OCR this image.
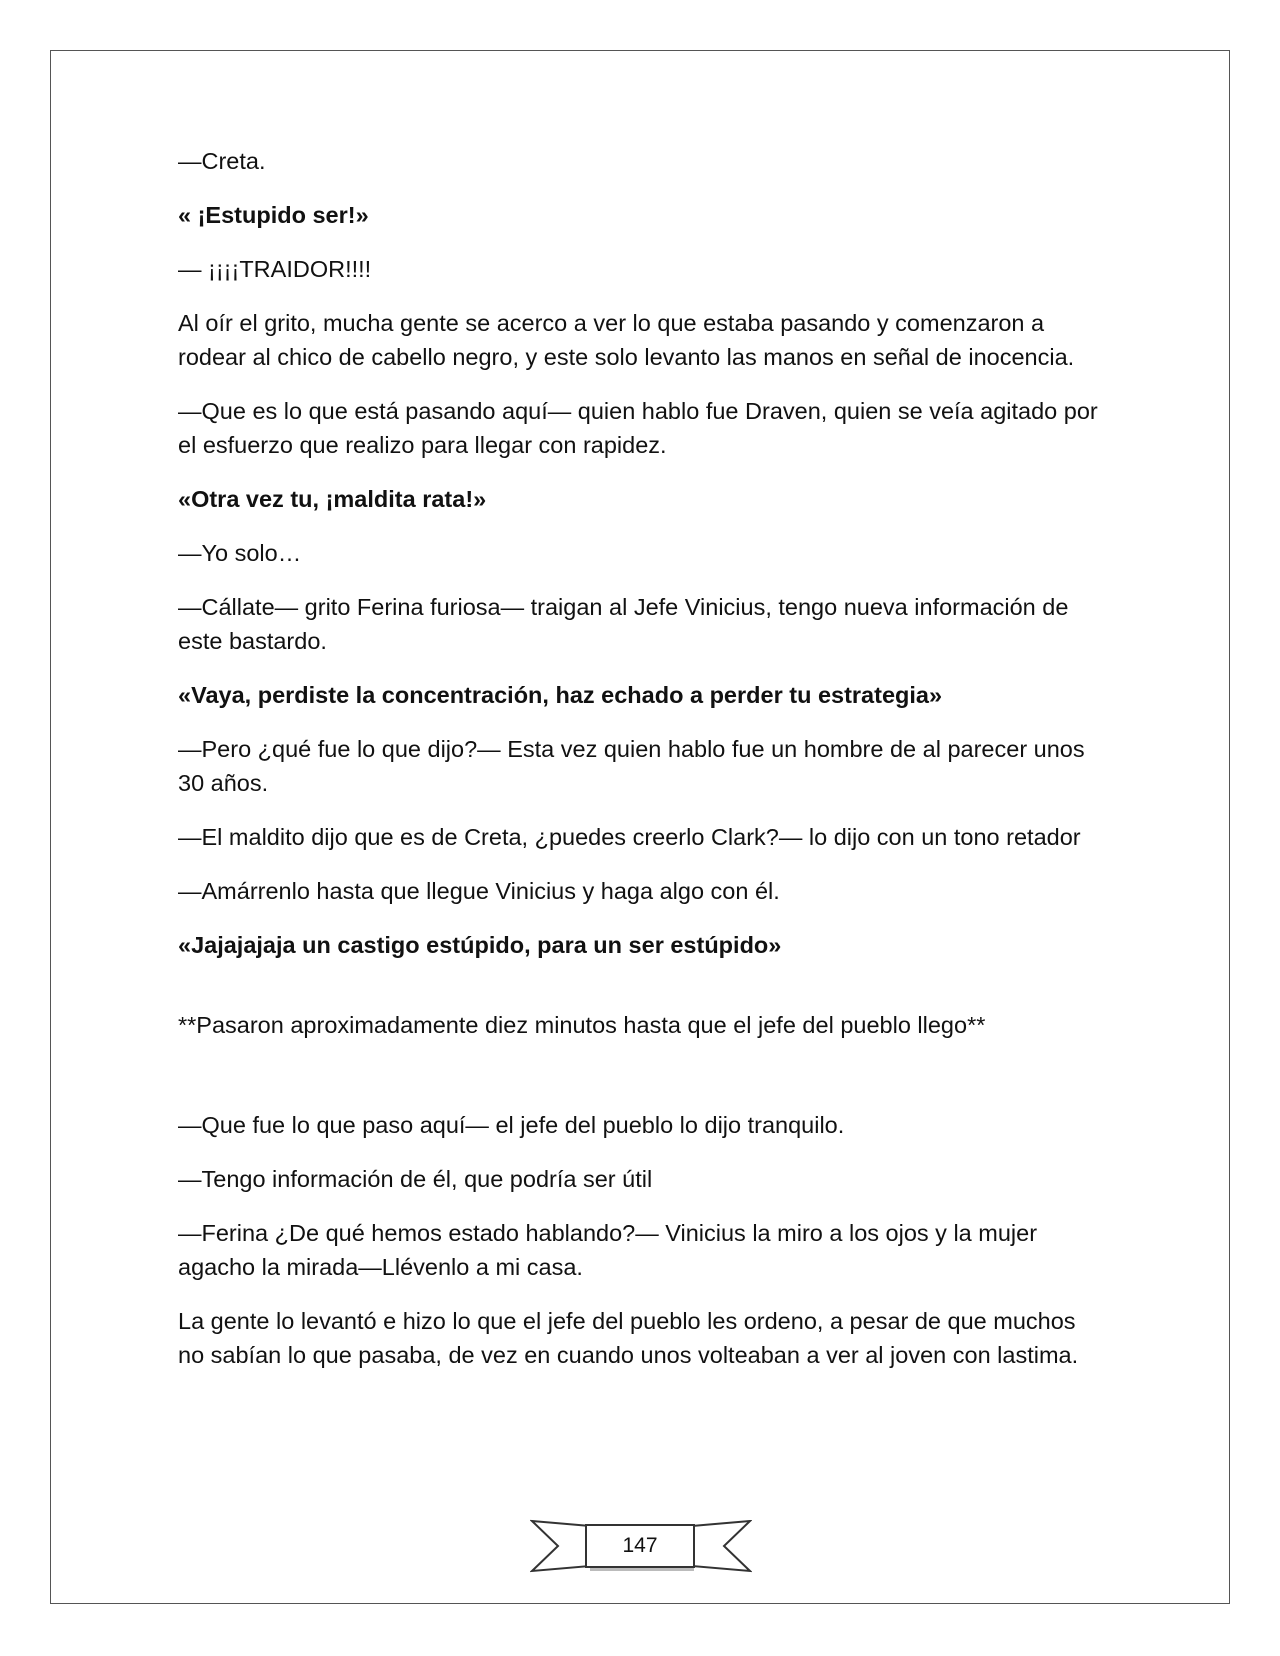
—Creta.

« ¡Estupido ser!»

— ¡¡¡¡TRAIDOR!!!!

Al oír el grito, mucha gente se acerco a ver lo que estaba pasando y comenzaron a rodear al chico de cabello negro, y este solo levanto las manos en señal de inocencia.

—Que es lo que está pasando aquí— quien hablo fue Draven, quien se veía agitado por el esfuerzo que realizo para llegar con rapidez.

«Otra vez tu, ¡maldita rata!»

—Yo solo…

—Cállate— grito Ferina furiosa— traigan al Jefe Vinicius, tengo nueva información de este bastardo.

«Vaya, perdiste la concentración, haz echado a perder tu estrategia»

—Pero ¿qué fue lo que dijo?— Esta vez quien hablo fue un hombre de al parecer unos 30 años.

—El maldito dijo que es de Creta, ¿puedes creerlo Clark?— lo dijo con un tono retador

—Amárrenlo hasta que llegue Vinicius y haga algo con él.

«Jajajajaja un castigo estúpido, para un ser estúpido»

**Pasaron aproximadamente diez minutos hasta que el jefe del pueblo llego**

—Que fue lo que paso aquí— el jefe del pueblo lo dijo tranquilo.

—Tengo información de él, que podría ser útil

—Ferina ¿De qué hemos estado hablando?— Vinicius la miro a los ojos y la mujer agacho la mirada—Llévenlo a mi casa.

La gente lo levantó e hizo lo que el jefe del pueblo les ordeno, a pesar de que muchos no sabían lo que pasaba, de vez en cuando unos volteaban a ver al joven con lastima.

147
